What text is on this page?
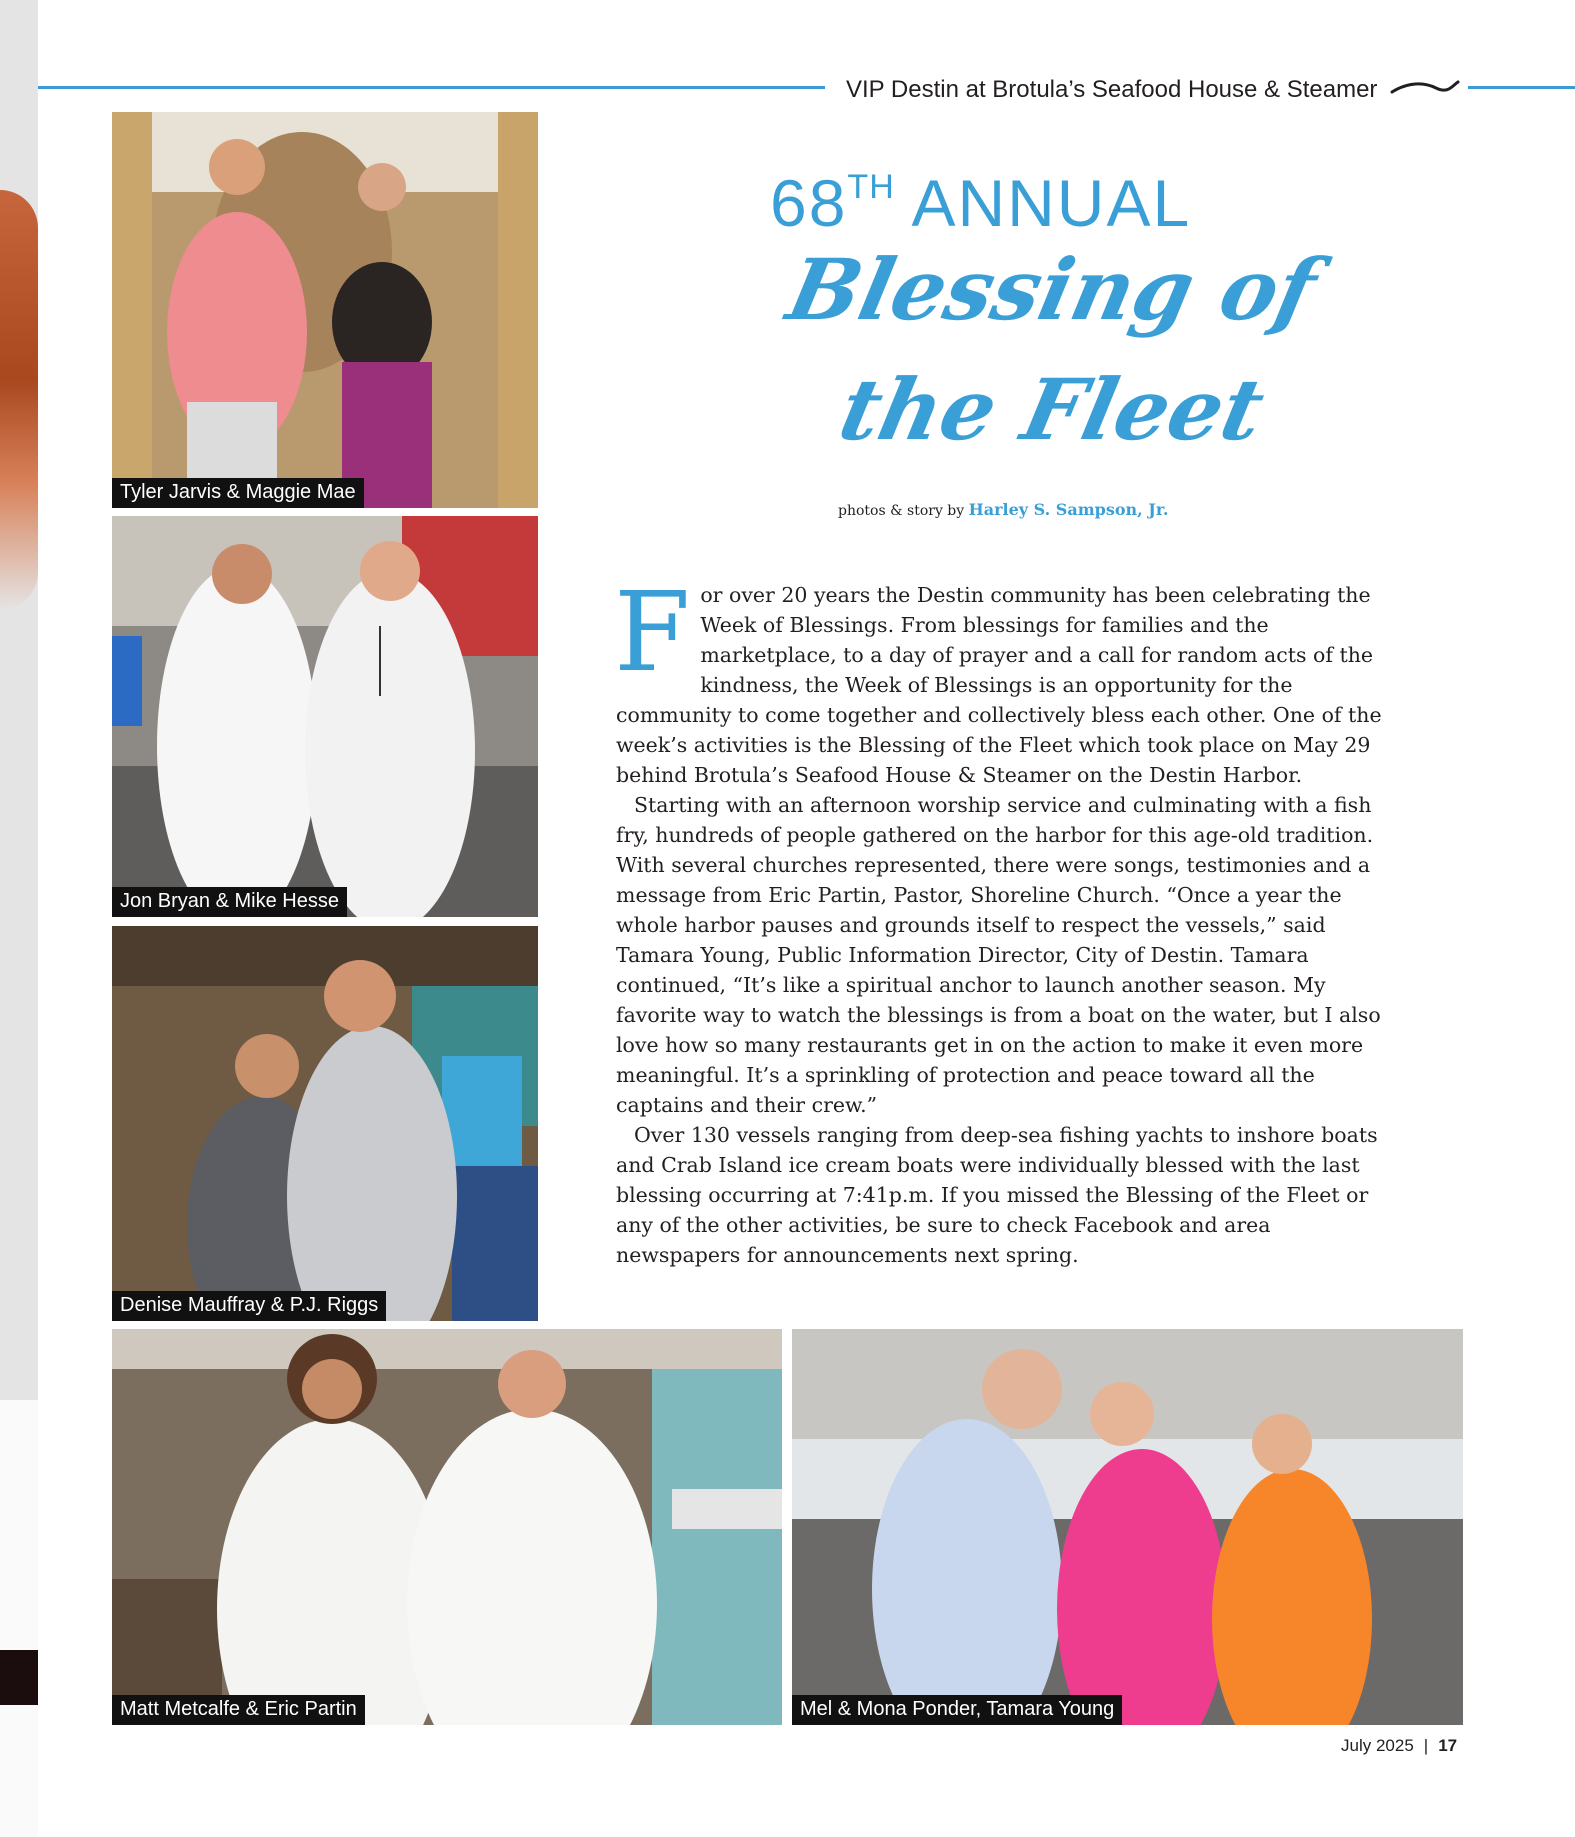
VIP Destin at Brotula’s Seafood House & Steamer
Tyler Jarvis & Maggie Mae
Jon Bryan & Mike Hesse
Denise Mauffray & P.J. Riggs
Matt Metcalfe & Eric Partin	Mel & Mona Ponder, Tamara Young
68TH ANNUAL
Blessing of
the Fleet
photos & story by Harley S. Sampson, Jr.

For over 20 years the Destin community has been celebrating the Week of Blessings. From blessings for families and the marketplace, to a day of prayer and a call for random acts of the kindness, the Week of Blessings is an opportunity for the community to come together and collectively bless each other. One of the week’s activities is the Blessing of the Fleet which took place on May 29 behind Brotula’s Seafood House & Steamer on the Destin Harbor.

Starting with an afternoon worship service and culminating with a fish fry, hundreds of people gathered on the harbor for this age-old tradition. With several churches represented, there were songs, testimonies and a message from Eric Partin, Pastor, Shoreline Church. “Once a year the whole harbor pauses and grounds itself to respect the vessels,” said Tamara Young, Public Information Director, City of Destin. Tamara continued, “It’s like a spiritual anchor to launch another season. My favorite way to watch the blessings is from a boat on the water, but I also love how so many restaurants get in on the action to make it even more meaningful. It’s a sprinkling of protection and peace toward all the captains and their crew.”

Over 130 vessels ranging from deep-sea fishing yachts to inshore boats and Crab Island ice cream boats were individually blessed with the last blessing occurring at 7:41p.m. If you missed the Blessing of the Fleet or any of the other activities, be sure to check Facebook and area newspapers for announcements next spring.

July 2025 | 17
